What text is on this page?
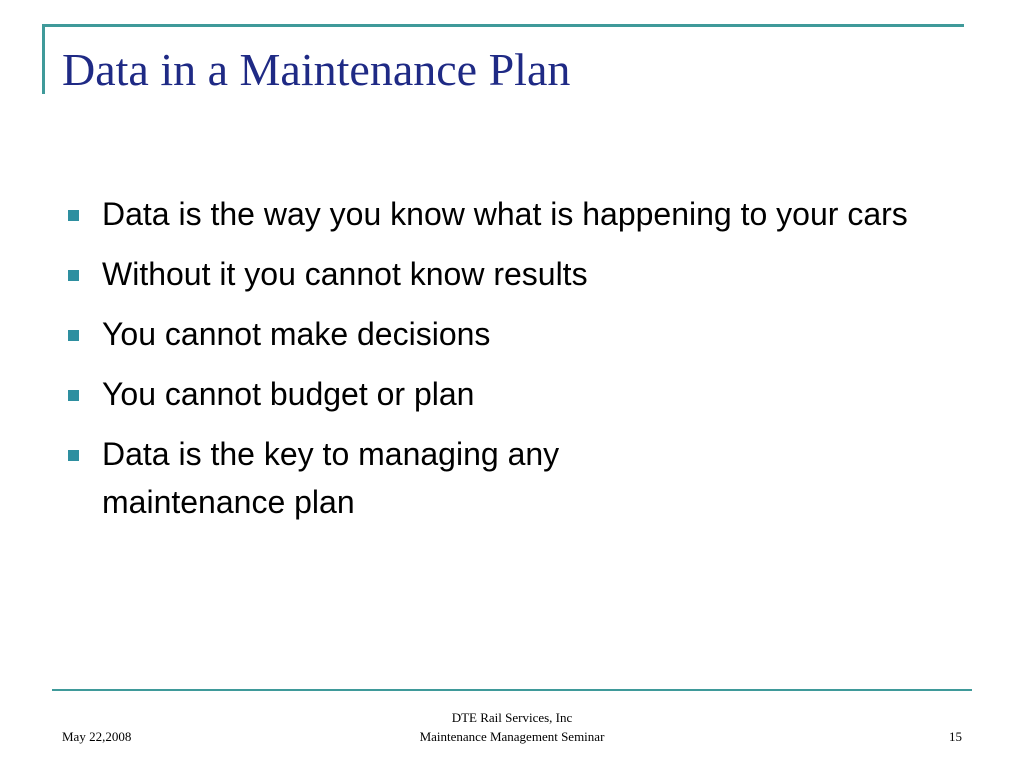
Data in a Maintenance Plan
Data is the way you know what is happening to your cars
Without it you cannot know results
You cannot make decisions
You cannot budget or plan
Data is the key to managing any maintenance plan
May 22,2008
DTE Rail Services, Inc
Maintenance Management Seminar	15
